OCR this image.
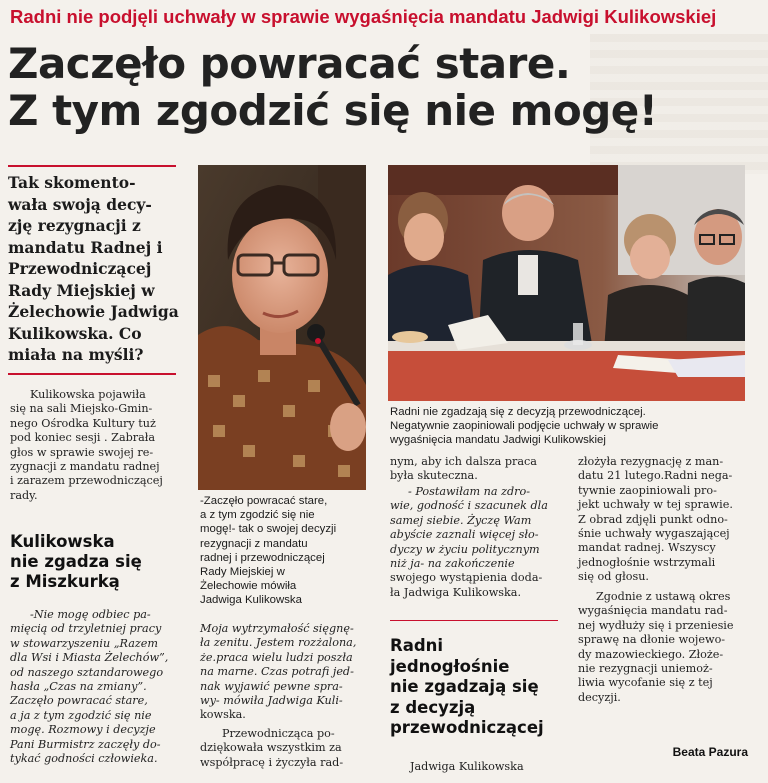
Radni nie podjęli uchwały w sprawie wygaśnięcia mandatu Jadwigi Kulikowskiej
Zaczęło powracać stare.
Z tym zgodzić się nie mogę!
Tak skomento-
wała swoją decy-
zję rezygnacji z
mandatu Radnej i
Przewodniczącej
Rady Miejskiej w
Żelechowie Jadwiga
Kulikowska. Co
miała na myśli?
Kulikowska pojawiła
się na sali Miejsko-Gmin-
nego Ośrodka Kultury tuż
pod koniec sesji . Zabrała
głos w sprawie swojej re-
zygnacji z mandatu radnej
i zarazem przewodniczącej
rady.
Kulikowska
nie zgadza się
z Miszkurką
-Nie mogę odbiec pa-
mięcią od trzyletniej pracy
w stowarzyszeniu „Razem
dla Wsi i Miasta Żelechów”,
od naszego sztandarowego
hasła „Czas na zmiany”.
Zaczęło powracać stare,
a ja z tym zgodzić się nie
mogę. Rozmowy i decyzje
Pani Burmistrz zaczęły do-
tykać godności człowieka.
-Zaczęło powracać stare,
a z tym zgodzić się nie
mogę!- tak o swojej decyzji
rezygnacji z mandatu
radnej i przewodniczącej
Rady Miejskiej w
Żelechowie mówiła
Jadwiga Kulikowska
Moja wytrzymałość sięgnę-
ła zenitu. Jestem rozżalona,
że.praca wielu ludzi poszła
na marne. Czas potrafi jed-
nak wyjawić pewne spra-
wy- mówiła Jadwiga Kuli-
kowska.
Przewodnicząca po-
dziękowała wszystkim za
współpracę i życzyła rad-
Radni nie zgadzają się z decyzją przewodniczącej.
Negatywnie zaopiniowali podjęcie uchwały w sprawie
wygaśnięcia mandatu Jadwigi Kulikowskiej
nym, aby ich dalsza praca
była skuteczna.
- Postawiłam na zdro-
wie, godność i szacunek dla
samej siebie. Życzę Wam
abyście zaznali więcej sło-
dyczy w życiu politycznym
niż ja- na zakończenie
swojego wystąpienia doda-
ła Jadwiga Kulikowska.
Radni
jednogłośnie
nie zgadzają się
z decyzją
przewodniczącej
Jadwiga Kulikowska
złożyła rezygnację z man-
datu 21 lutego.Radni nega-
tywnie zaopiniowali pro-
jekt uchwały w tej sprawie.
Z obrad zdjęli punkt odno-
śnie uchwały wygaszającej
mandat radnej. Wszyscy
jednogłośnie wstrzymali
się od głosu.
Zgodnie z ustawą okres
wygaśnięcia mandatu rad-
nej wydłuży się i przeniesie
sprawę na dłonie wojewo-
dy mazowieckiego. Złoże-
nie rezygnacji uniemoż-
liwia wycofanie się z tej
decyzji.
Beata Pazura
